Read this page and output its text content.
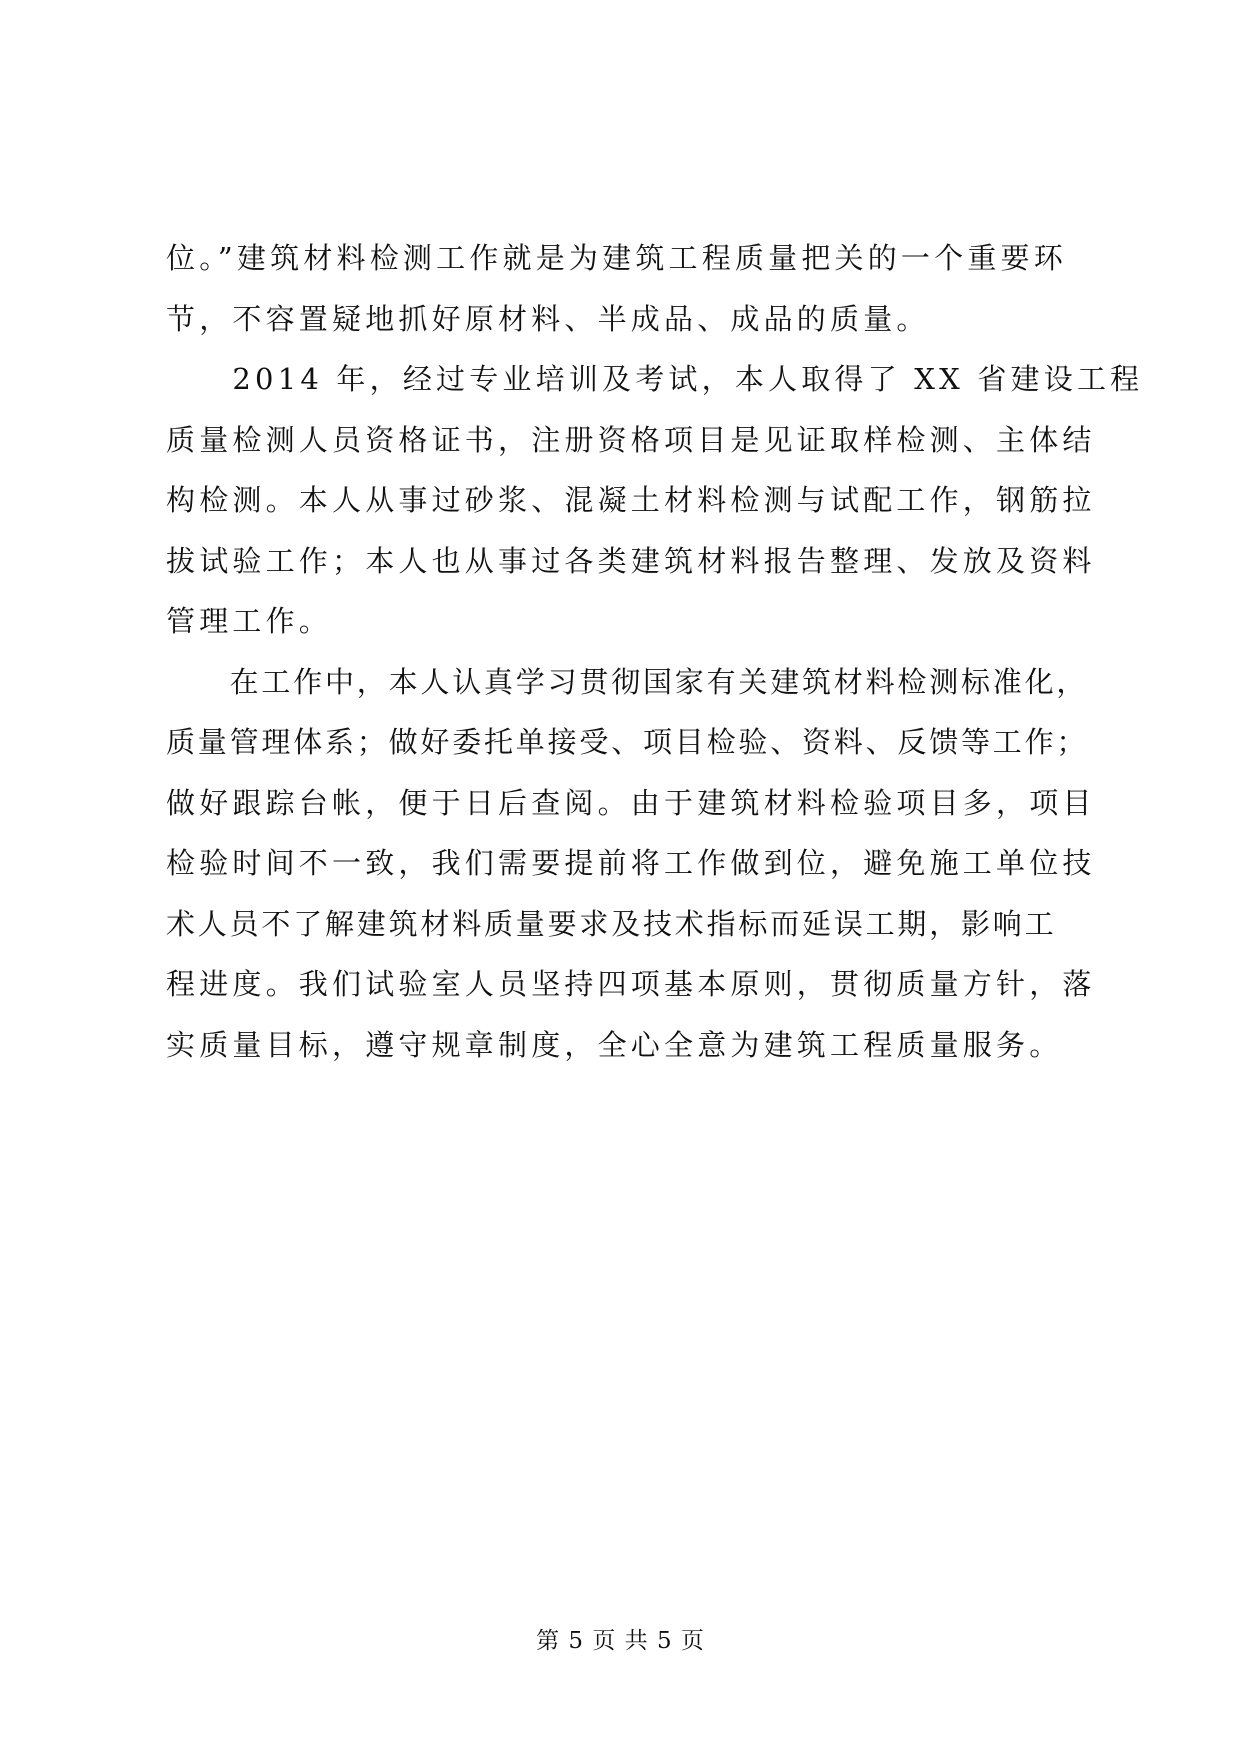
位。”建筑材料检测工作就是为建筑工程质量把关的一个重要环
节，不容置疑地抓好原材料、半成品、成品的质量。
　　2014 年，经过专业培训及考试，本人取得了 XX 省建设工程
质量检测人员资格证书，注册资格项目是见证取样检测、主体结
构检测。本人从事过砂浆、混凝土材料检测与试配工作，钢筋拉
拔试验工作；本人也从事过各类建筑材料报告整理、发放及资料
管理工作。
　　在工作中，本人认真学习贯彻国家有关建筑材料检测标准化，
质量管理体系；做好委托单接受、项目检验、资料、反馈等工作；
做好跟踪台帐，便于日后查阅。由于建筑材料检验项目多，项目
检验时间不一致，我们需要提前将工作做到位，避免施工单位技
术人员不了解建筑材料质量要求及技术指标而延误工期，影响工
程进度。我们试验室人员坚持四项基本原则，贯彻质量方针，落
实质量目标，遵守规章制度，全心全意为建筑工程质量服务。
第 5 页 共 5 页
